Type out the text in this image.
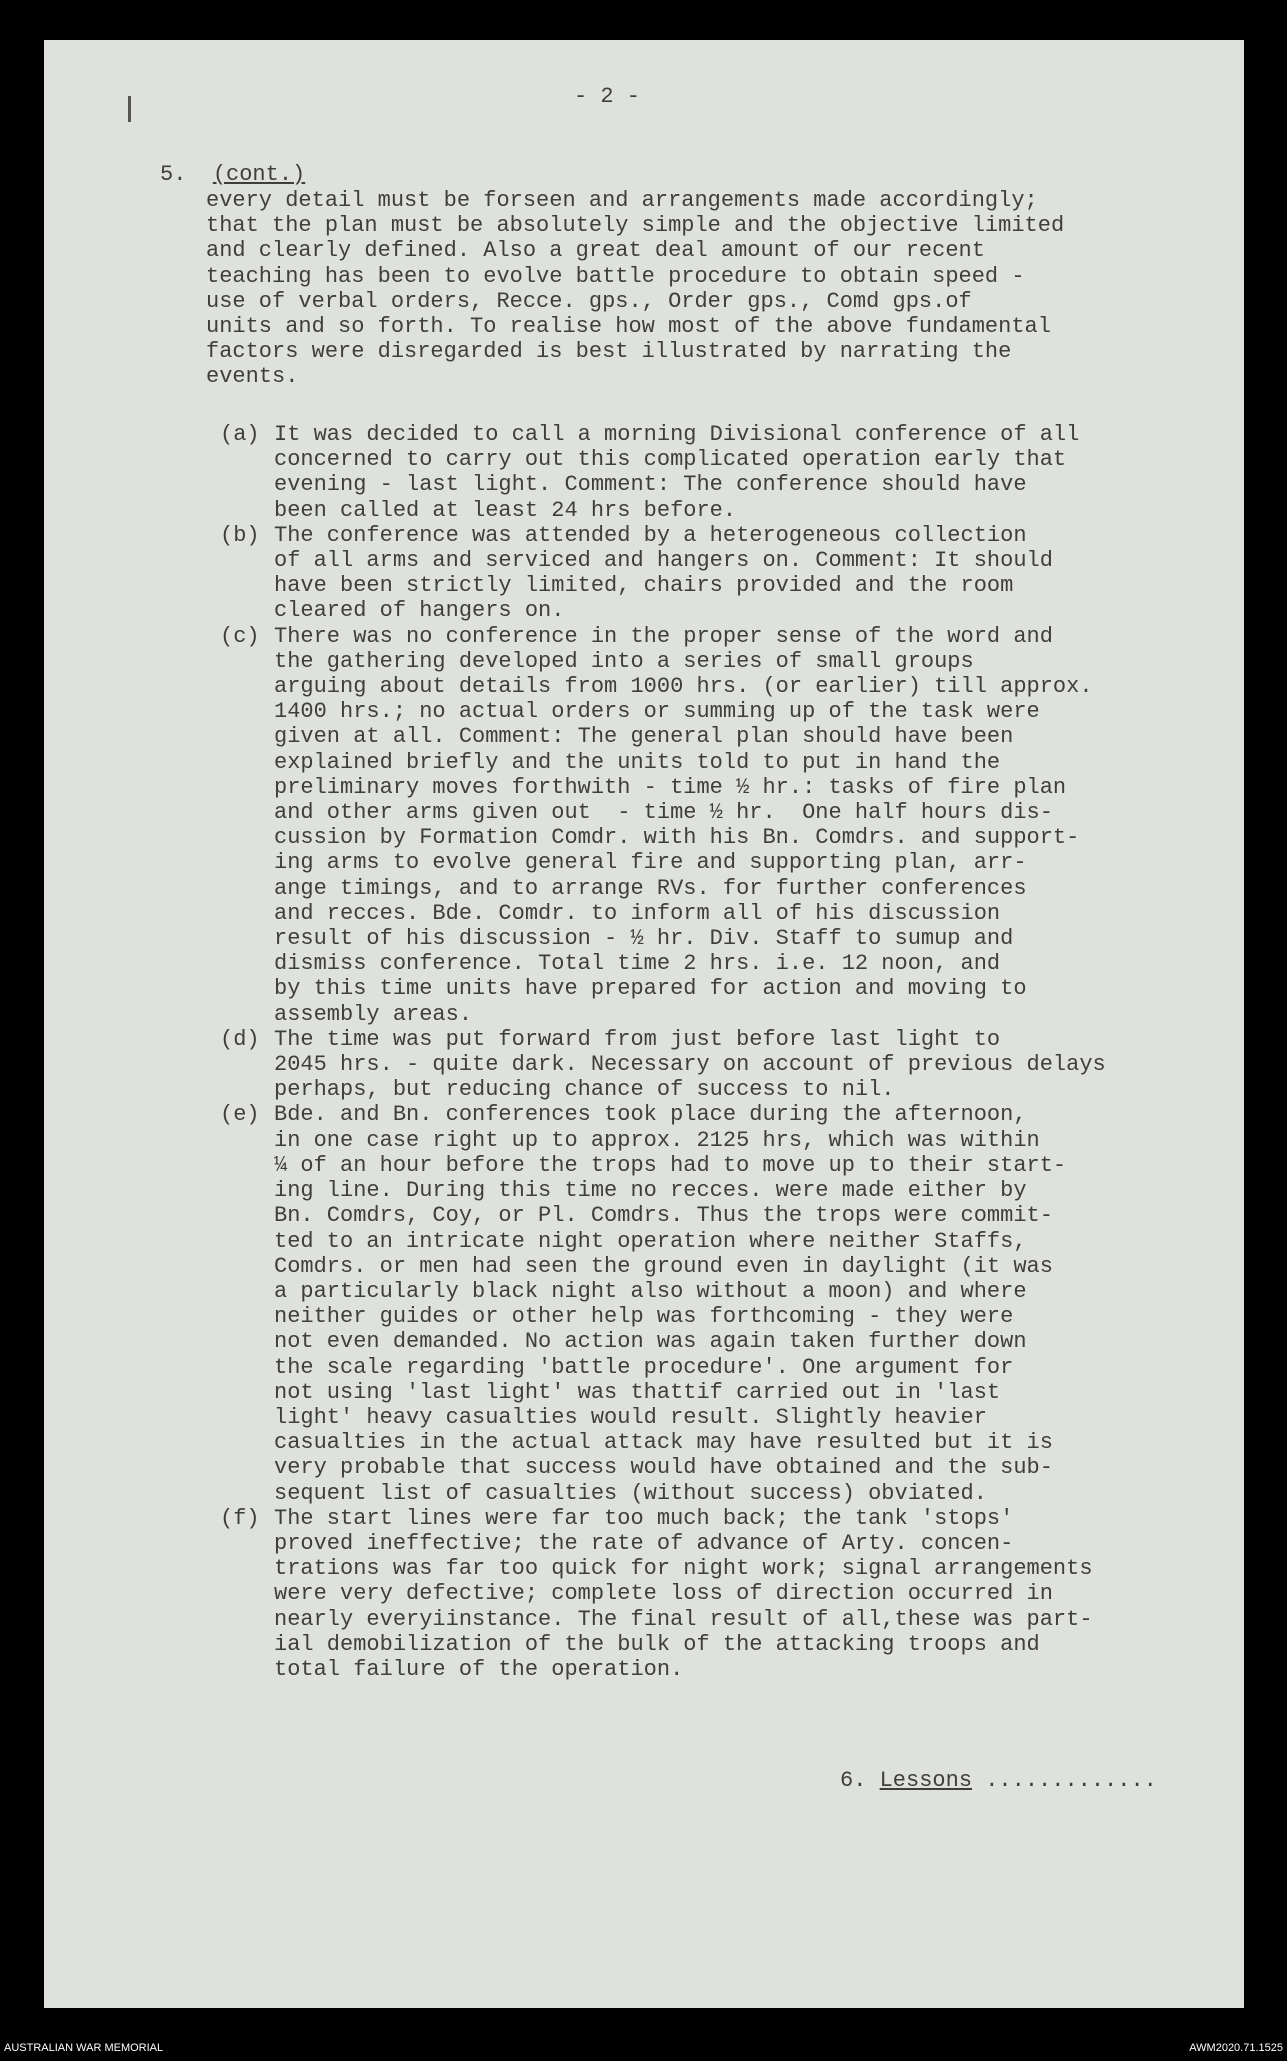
- 2 -
5. (cont.)
every detail must be forseen and arrangements made accordingly;
that the plan must be absolutely simple and the objective limited
and clearly defined. Also a great deal amount of our recent
teaching has been to evolve battle procedure to obtain speed -
use of verbal orders, Recce. gps., Order gps., Comd gps.of
units and so forth. To realise how most of the above fundamental
factors were disregarded is best illustrated by narrating the
events.
(a) It was decided to call a morning Divisional conference of all
concerned to carry out this complicated operation early that
evening - last light. Comment: The conference should have
been called at least 24 hrs before.
(b) The conference was attended by a heterogeneous collection
of all arms and serviced and hangers on. Comment: It should
have been strictly limited, chairs provided and the room
cleared of hangers on.
(c) There was no conference in the proper sense of the word and
the gathering developed into a series of small groups
arguing about details from 1000 hrs. (or earlier) till approx.
1400 hrs.; no actual orders or summing up of the task were
given at all. Comment: The general plan should have been
explained briefly and the units told to put in hand the
preliminary moves forthwith - time ½ hr.: tasks of fire plan
and other arms given out  - time ½ hr.  One half hours dis-
cussion by Formation Comdr. with his Bn. Comdrs. and support-
ing arms to evolve general fire and supporting plan, arr-
ange timings, and to arrange RVs. for further conferences
and recces. Bde. Comdr. to inform all of his discussion
result of his discussion - ½ hr. Div. Staff to sumup and
dismiss conference. Total time 2 hrs. i.e. 12 noon, and
by this time units have prepared for action and moving to
assembly areas.
(d) The time was put forward from just before last light to
2045 hrs. - quite dark. Necessary on account of previous delays
perhaps, but reducing chance of success to nil.
(e) Bde. and Bn. conferences took place during the afternoon,
in one case right up to approx. 2125 hrs, which was within
¼ of an hour before the trops had to move up to their start-
ing line. During this time no recces. were made either by
Bn. Comdrs, Coy, or Pl. Comdrs. Thus the trops were commit-
ted to an intricate night operation where neither Staffs,
Comdrs. or men had seen the ground even in daylight (it was
a particularly black night also without a moon) and where
neither guides or other help was forthcoming - they were
not even demanded. No action was again taken further down
the scale regarding 'battle procedure'. One argument for
not using 'last light' was thattif carried out in 'last
light' heavy casualties would result. Slightly heavier
casualties in the actual attack may have resulted but it is
very probable that success would have obtained and the sub-
sequent list of casualties (without success) obviated.
(f) The start lines were far too much back; the tank 'stops'
proved ineffective; the rate of advance of Arty. concen-
trations was far too quick for night work; signal arrangements
were very defective; complete loss of direction occurred in
nearly everyiinstance. The final result of all,these was part-
ial demobilization of the bulk of the attacking troops and
total failure of the operation.
6. Lessons .............
AUSTRALIAN WAR MEMORIAL	AWM2020.71.1525
